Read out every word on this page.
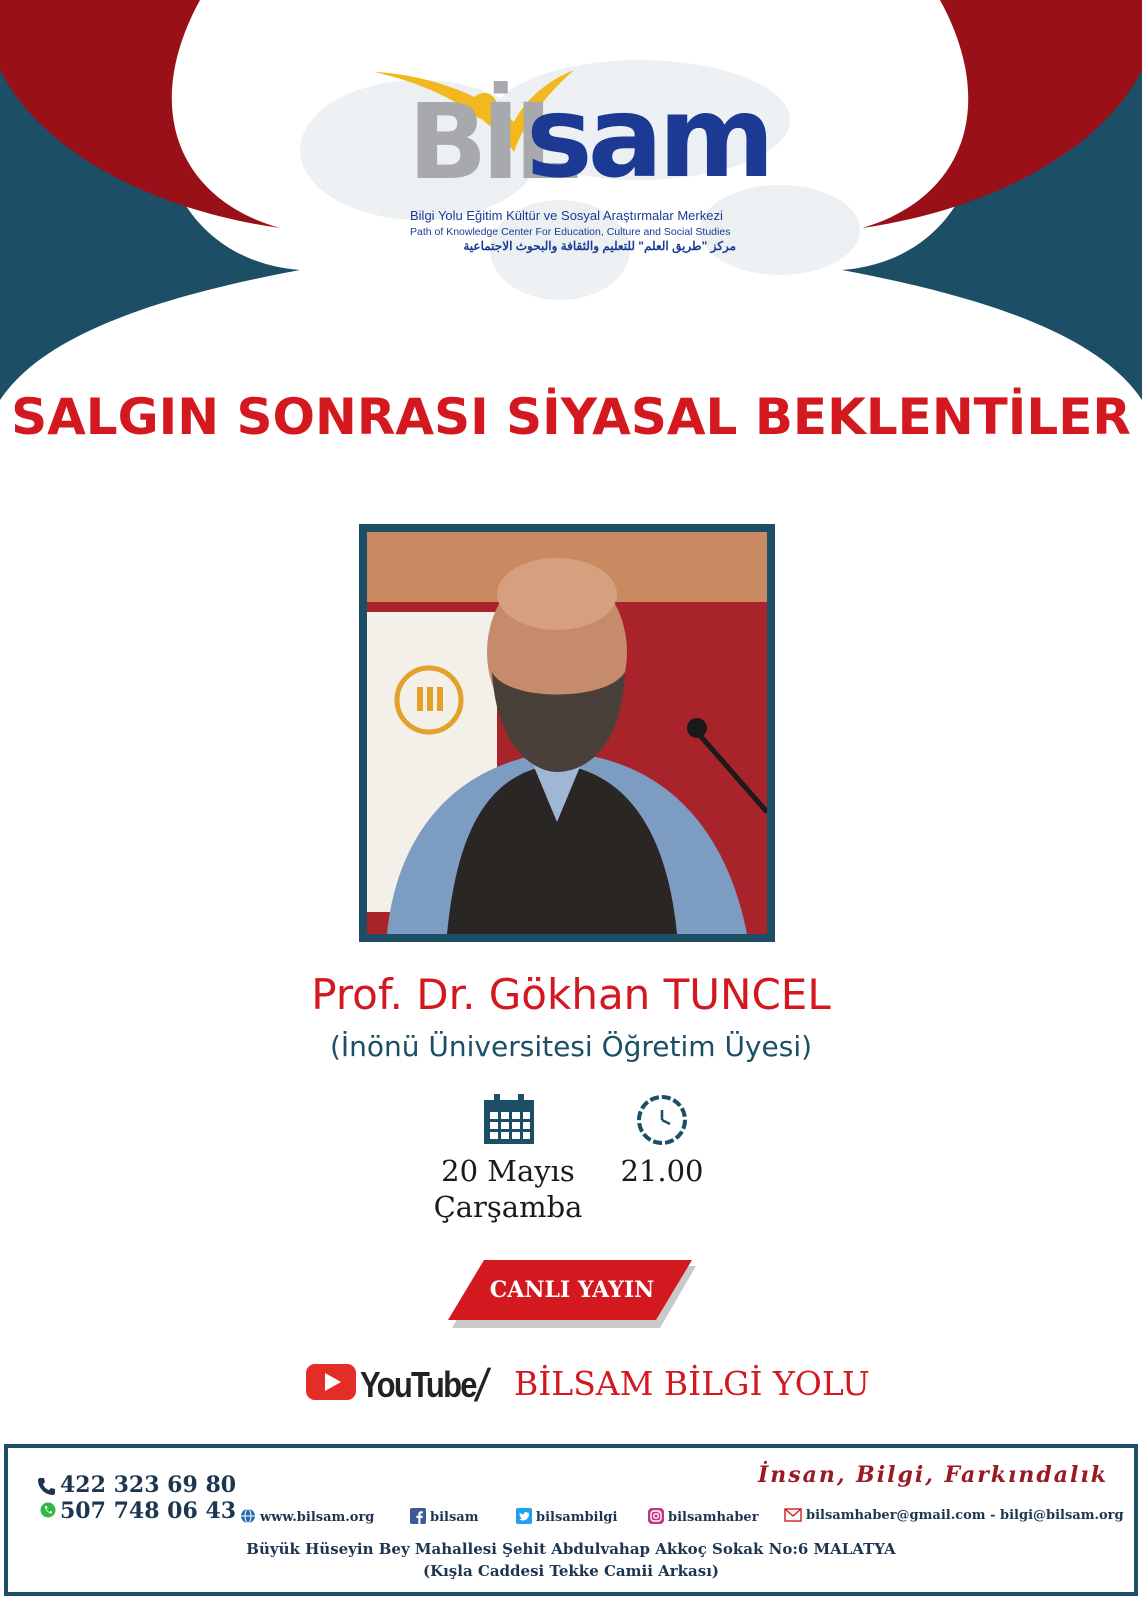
BİL
sam
Bilgi Yolu Eğitim Kültür ve Sosyal Araştırmalar Merkezi
Path of Knowledge Center For Education, Culture and Social Studies
مركز "طريق العلم" للتعليم والثقافة والبحوث الاجتماعية
SALGIN SONRASI SİYASAL BEKLENTİLER
Prof. Dr. Gökhan TUNCEL
(İnönü Üniversitesi Öğretim Üyesi)
20 Mayıs
Çarşamba
21.00
CANLI YAYIN
YouTube
/ BİLSAM BİLGİ YOLU
422 323 69 80
507 748 06 43
İnsan, Bilgi, Farkındalık
www.bilsam.org	bilsam	bilsambilgi	bilsamhaber	bilsamhaber@gmail.com - bilgi@bilsam.org
Büyük Hüseyin Bey Mahallesi Şehit Abdulvahap Akkoç Sokak No:6 MALATYA
(Kışla Caddesi Tekke Camii Arkası)
